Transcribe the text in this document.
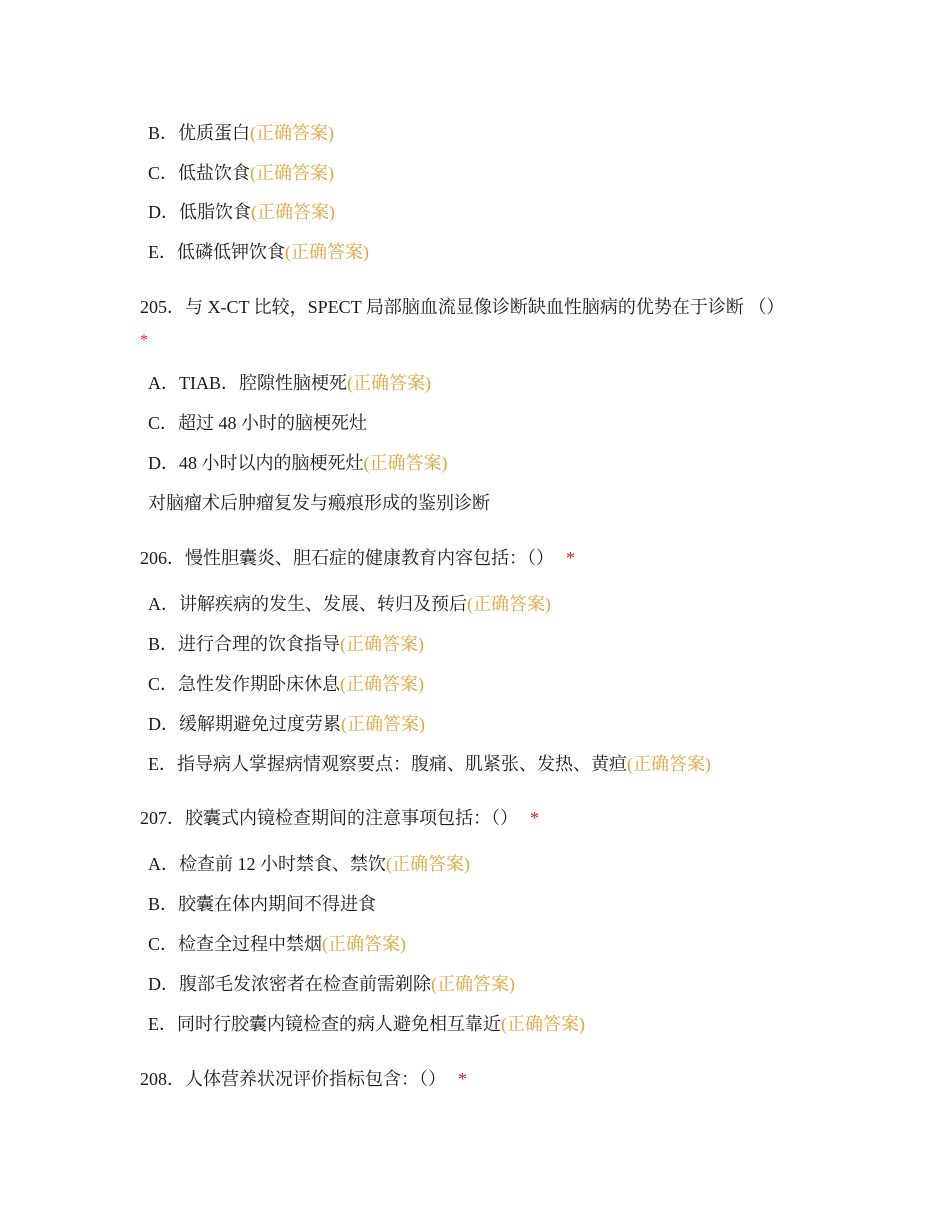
B．优质蛋白(正确答案)
C．低盐饮食(正确答案)
D．低脂饮食(正确答案)
E．低磷低钾饮食(正确答案)
205．与 X-CT 比较，SPECT 局部脑血流显像诊断缺血性脑病的优势在于诊断 （）
*
A．TIAB．腔隙性脑梗死(正确答案)
C．超过 48 小时的脑梗死灶
D．48 小时以内的脑梗死灶(正确答案)
对脑瘤术后肿瘤复发与瘢痕形成的鉴别诊断
206．慢性胆囊炎、胆石症的健康教育内容包括：（） *
A．讲解疾病的发生、发展、转归及预后(正确答案)
B．进行合理的饮食指导(正确答案)
C．急性发作期卧床休息(正确答案)
D．缓解期避免过度劳累(正确答案)
E．指导病人掌握病情观察要点：腹痛、肌紧张、发热、黄疸(正确答案)
207．胶囊式内镜检查期间的注意事项包括：（） *
A．检查前 12 小时禁食、禁饮(正确答案)
B．胶囊在体内期间不得进食
C．检查全过程中禁烟(正确答案)
D．腹部毛发浓密者在检查前需剃除(正确答案)
E．同时行胶囊内镜检查的病人避免相互靠近(正确答案)
208．人体营养状况评价指标包含：（） *
